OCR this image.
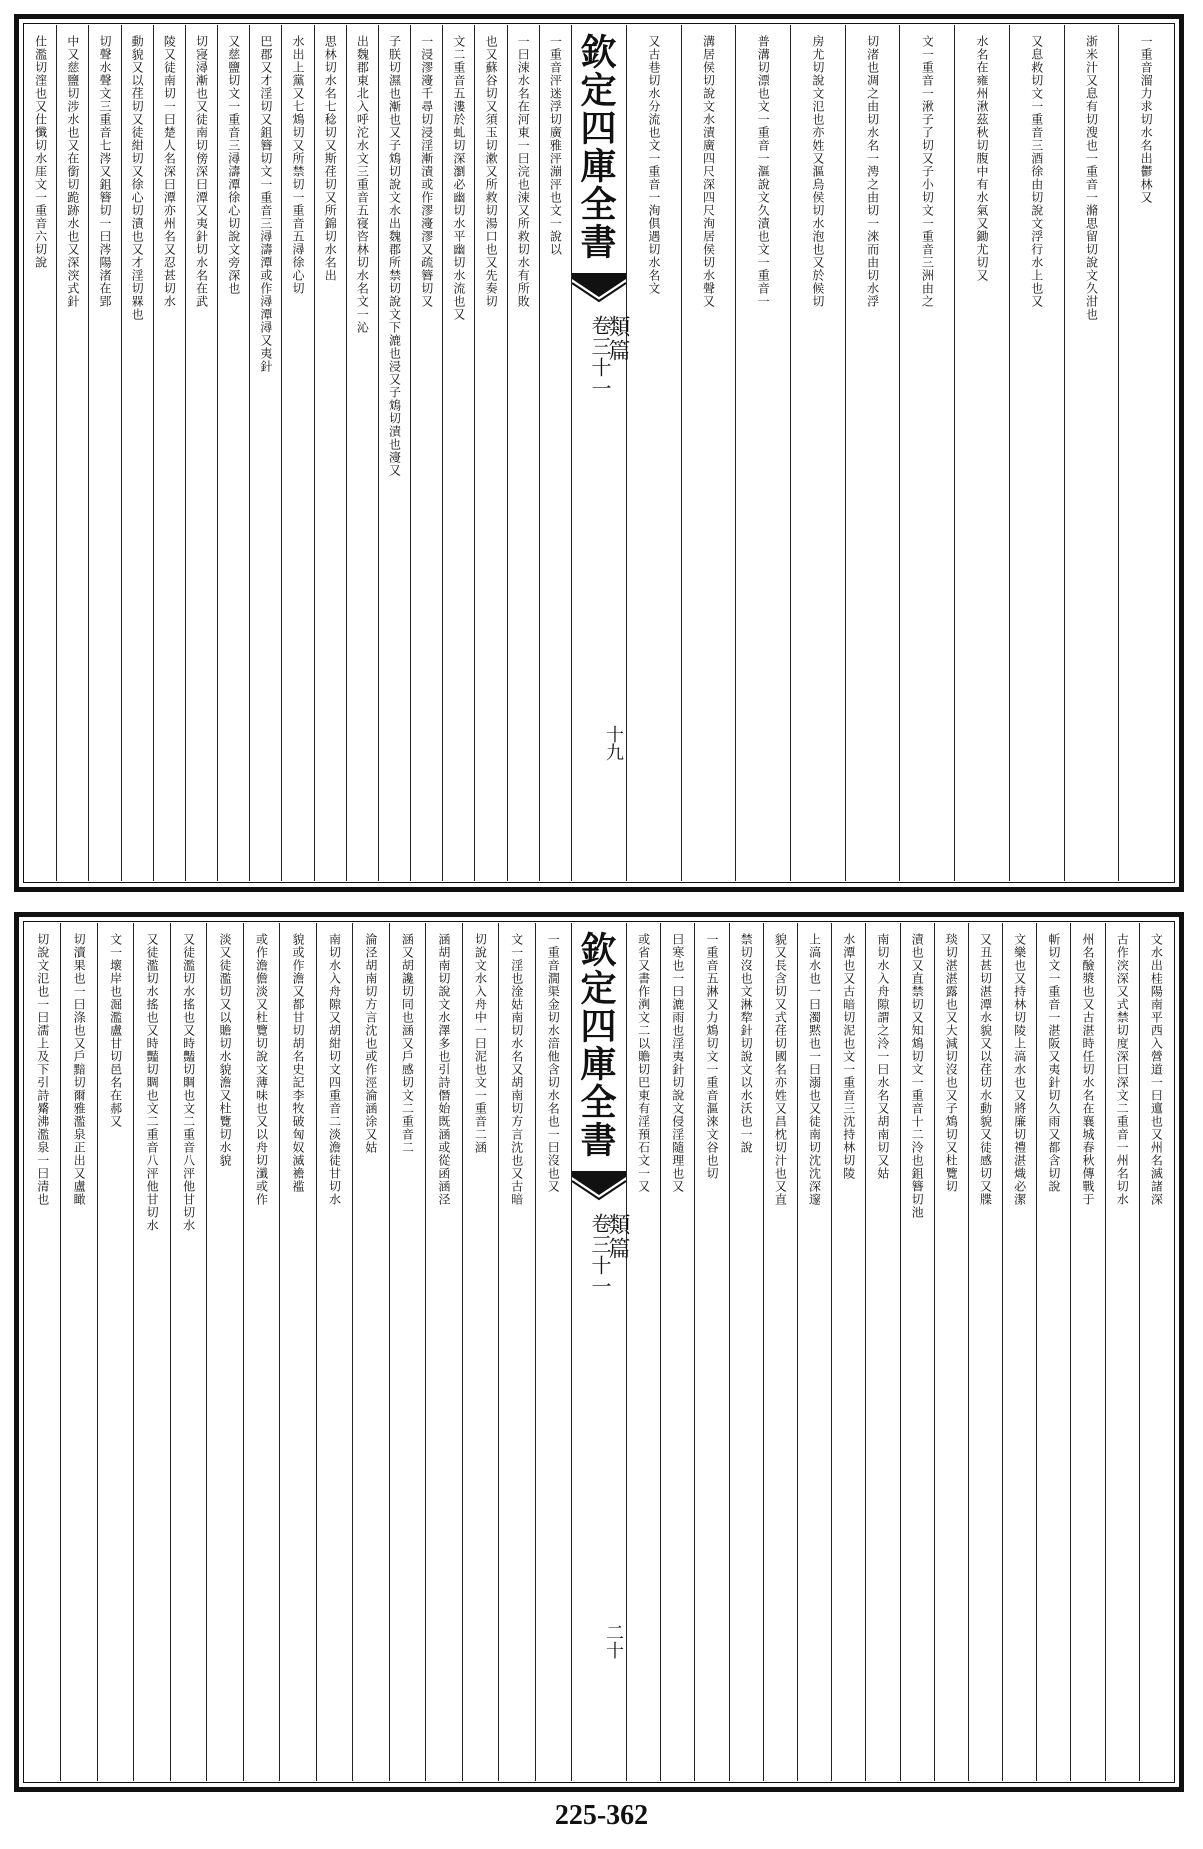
一重音溜力求切水名出鬱林又
浙米汁又息有切溲也一重音一滫思留切說文久泔也
又息救切文一重音三酒徐由切說文浮行水上也又
水名在雍州湫茲秋切腹中有水氣又鋤尤切又
文一重音一湫子了切又子小切文一重音三洲由之
切渚也凋之由切水名一涄之由切一淶而由切水浮
房尤切說文氾也亦姓又漚烏侯切水泡也又於候切
普溝切漂也文一重音一漚說文久漬也文一重音一
溝居侯切說文水漬廣四尺深四尺洵居侯切水聲又
又古巷切水分流也文一重音一洵俱遇切水名文
欽定四庫全書
卷三十一
類篇
十九
一重音泙迷浮切廣雅泙漰泙也文一說以
一曰涑水名在河東一曰浣也涑又所救切水有所敗
也又蘇谷切又須玉切漱又所救切湯口也又先奏切
文二重音五漊於虬切深瀏必幽切水平幽切水流也又
一浸漻濅千尋切浸淫漸漬或作漻濅漻又疏簪切又
子朕切濕也漸也又子鴆切說文水出魏郡所禁切說文下漉也浸又子鴆切漬也濅又
出魏郡東北入呼沱水文三重音五寑咨林切水名文一沁
思林切水名七稔切又斯荏切又所錦切水名出
水出上黨又七鴆切又所禁切一重音五潯徐心切
巴郡又才淫切又鉏簪切文一重音三潯濤潭或作潯潭潯又夷針
又慈鹽切文一重音三潯濤潭徐心切說文旁深也
切寖潯漸也又徒南切傍深曰潭又夷針切水名在武
陵又徒南切一曰楚人名深曰潭亦州名又忍甚切水
動貌又以荏切又徒紺切又徐心切漬也又才淫切槑也
切聲水聲文三重音七涔又鉏簪切一曰涔陽渚在郢
中又慈鹽切涉水也又在銜切跪跡水也又深湥式針
仕濫切漥也又仕懺切水厓文一重音六切說
文水出桂陽南平西入營道一曰邅也又州名滅諸深
古作湥深又式禁切度深曰深文二重音一州名切水
州名醶漿也又古湛時任切水名在襄城春秋傳戰于
斬切文一重音一湛阪又夷針切久雨又都含切說
文樂也又持林切陵上滈水也又將廉切禮湛熾必潔
又丑甚切湛潭水貌又以荏切水動貌又徒感切又牒
琰切湛湛露也又大減切沒也又子鴆切又杜覽切
漬也又直禁切又知鴆切文一重音十二泠也鉏簪切池
南切水入舟隙謂之泠一曰水名又胡南切又姑
水潭也又古暗切泥也文一重音三沈持林切陵
上滈水也一曰濁黙也一曰溺也又徒南切沈沈深邃
貌又長含切又式荏切國名亦姓又昌枕切汁也又直
禁切沒也文淋犂針切說文以水沃也一說
一重音五淋又力鴆切文一重音漚淶文谷也切
曰寒也一曰漉雨也淫夷針切說文侵淫隨理也又
或省又書作㴊文二以贍切巴東有淫預石文一又
欽定四庫全書
卷三十一
類篇
二十
一重音㵎渠金切水湆他含切水名也一曰沒也又
文一淫也淦姑南切水名又胡南切方言沈也又古暗
切說文水入舟中一曰泥也文一重音二涵
涵胡南切說文水澤多也引詩僭始既涵或從函涵泾
涵又胡讒切同也涵又戶感切文二重音二
淪泾胡南切方言沈也或作涇淪涵涂又姑
南切水入舟隙又胡紺切文四重音二淡澹徒甘切水
貌或作澹又都甘切胡名史記李牧破匈奴滅襜褴
或作澹儋淡又杜覽切說文薄味也又以舟切瀸或作
淡又徒濫切又以贍切水貌澹又杜覽切水貌
又徒濫切水搖也又時豔切賙也文二重音八泙他甘切水
又徒濫切水搖也又時豔切賙也文二重音八泙他甘切水
文一壞岸也淈濫盧甘切邑名在郝又
切瀆果也一曰涤也又戶黯切爾雅濫泉正出又盧瞰
切說文氾也一曰濡上及下引詩觱沸濫泉一曰清也
225-362
